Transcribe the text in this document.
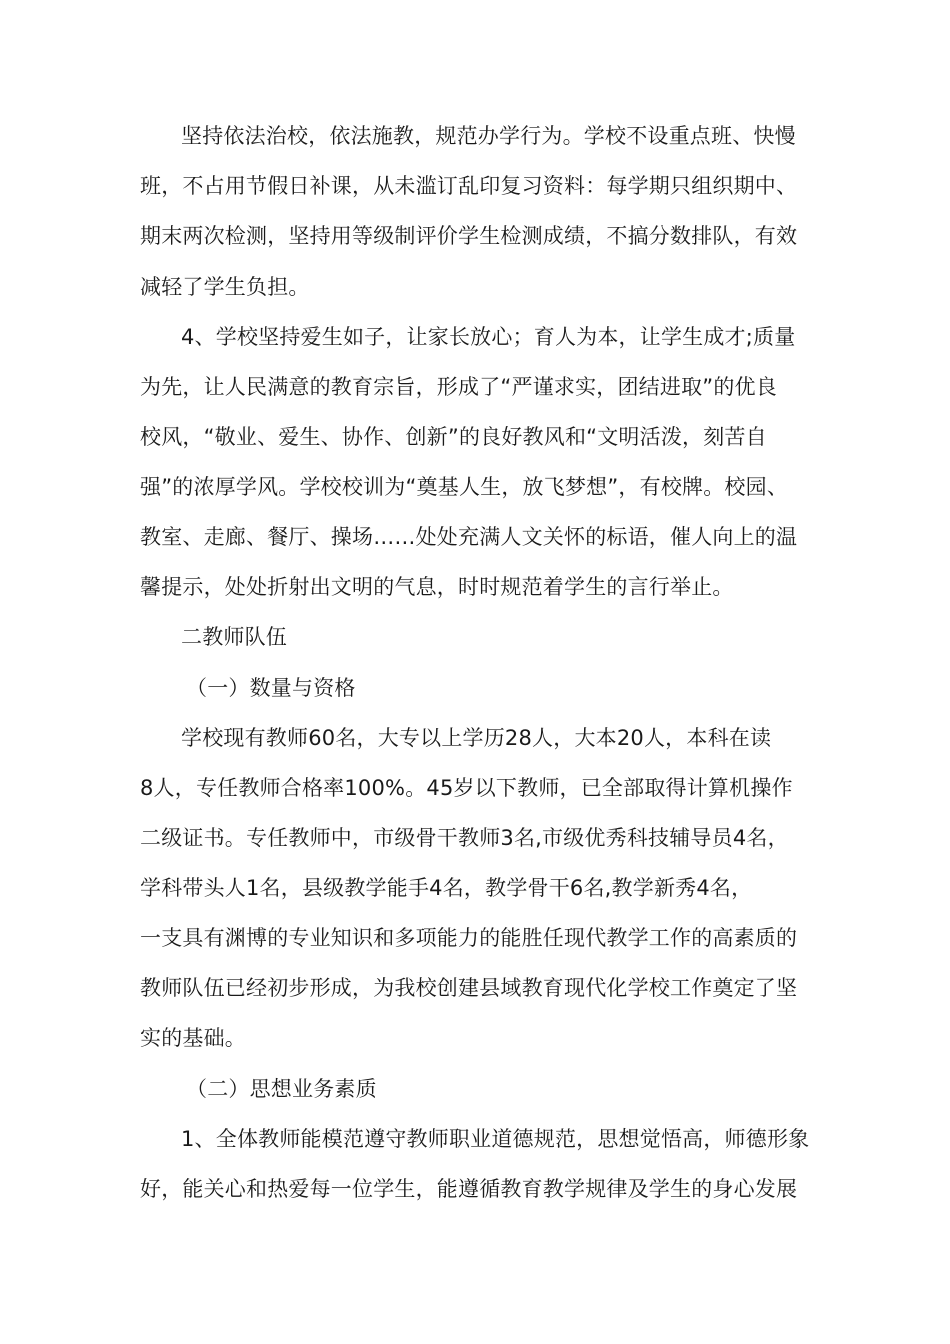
坚持依法治校，依法施教，规范办学行为。学校不设重点班、快慢
班，不占用节假日补课，从未滥订乱印复习资料：每学期只组织期中、
期末两次检测，坚持用等级制评价学生检测成绩，不搞分数排队，有效
减轻了学生负担。
4、学校坚持爱生如子，让家长放心；育人为本，让学生成才;质量
为先，让人民满意的教育宗旨，形成了“严谨求实，团结进取”的优良
校风，“敬业、爱生、协作、创新”的良好教风和“文明活泼，刻苦自
强”的浓厚学风。学校校训为“奠基人生，放飞梦想”，有校牌。校园、
教室、走廊、餐厅、操场……处处充满人文关怀的标语，催人向上的温
馨提示，处处折射出文明的气息，时时规范着学生的言行举止。
二教师队伍
（一）数量与资格
学校现有教师60名，大专以上学历28人，大本20人，本科在读
8人，专任教师合格率100%。45岁以下教师，已全部取得计算机操作
二级证书。专任教师中，市级骨干教师3名,市级优秀科技辅导员4名，
学科带头人1名，县级教学能手4名，教学骨干6名,教学新秀4名，
一支具有渊博的专业知识和多项能力的能胜任现代教学工作的高素质的
教师队伍已经初步形成，为我校创建县域教育现代化学校工作奠定了坚
实的基础。
（二）思想业务素质
1、全体教师能模范遵守教师职业道德规范，思想觉悟高，师德形象
好，能关心和热爱每一位学生，能遵循教育教学规律及学生的身心发展
